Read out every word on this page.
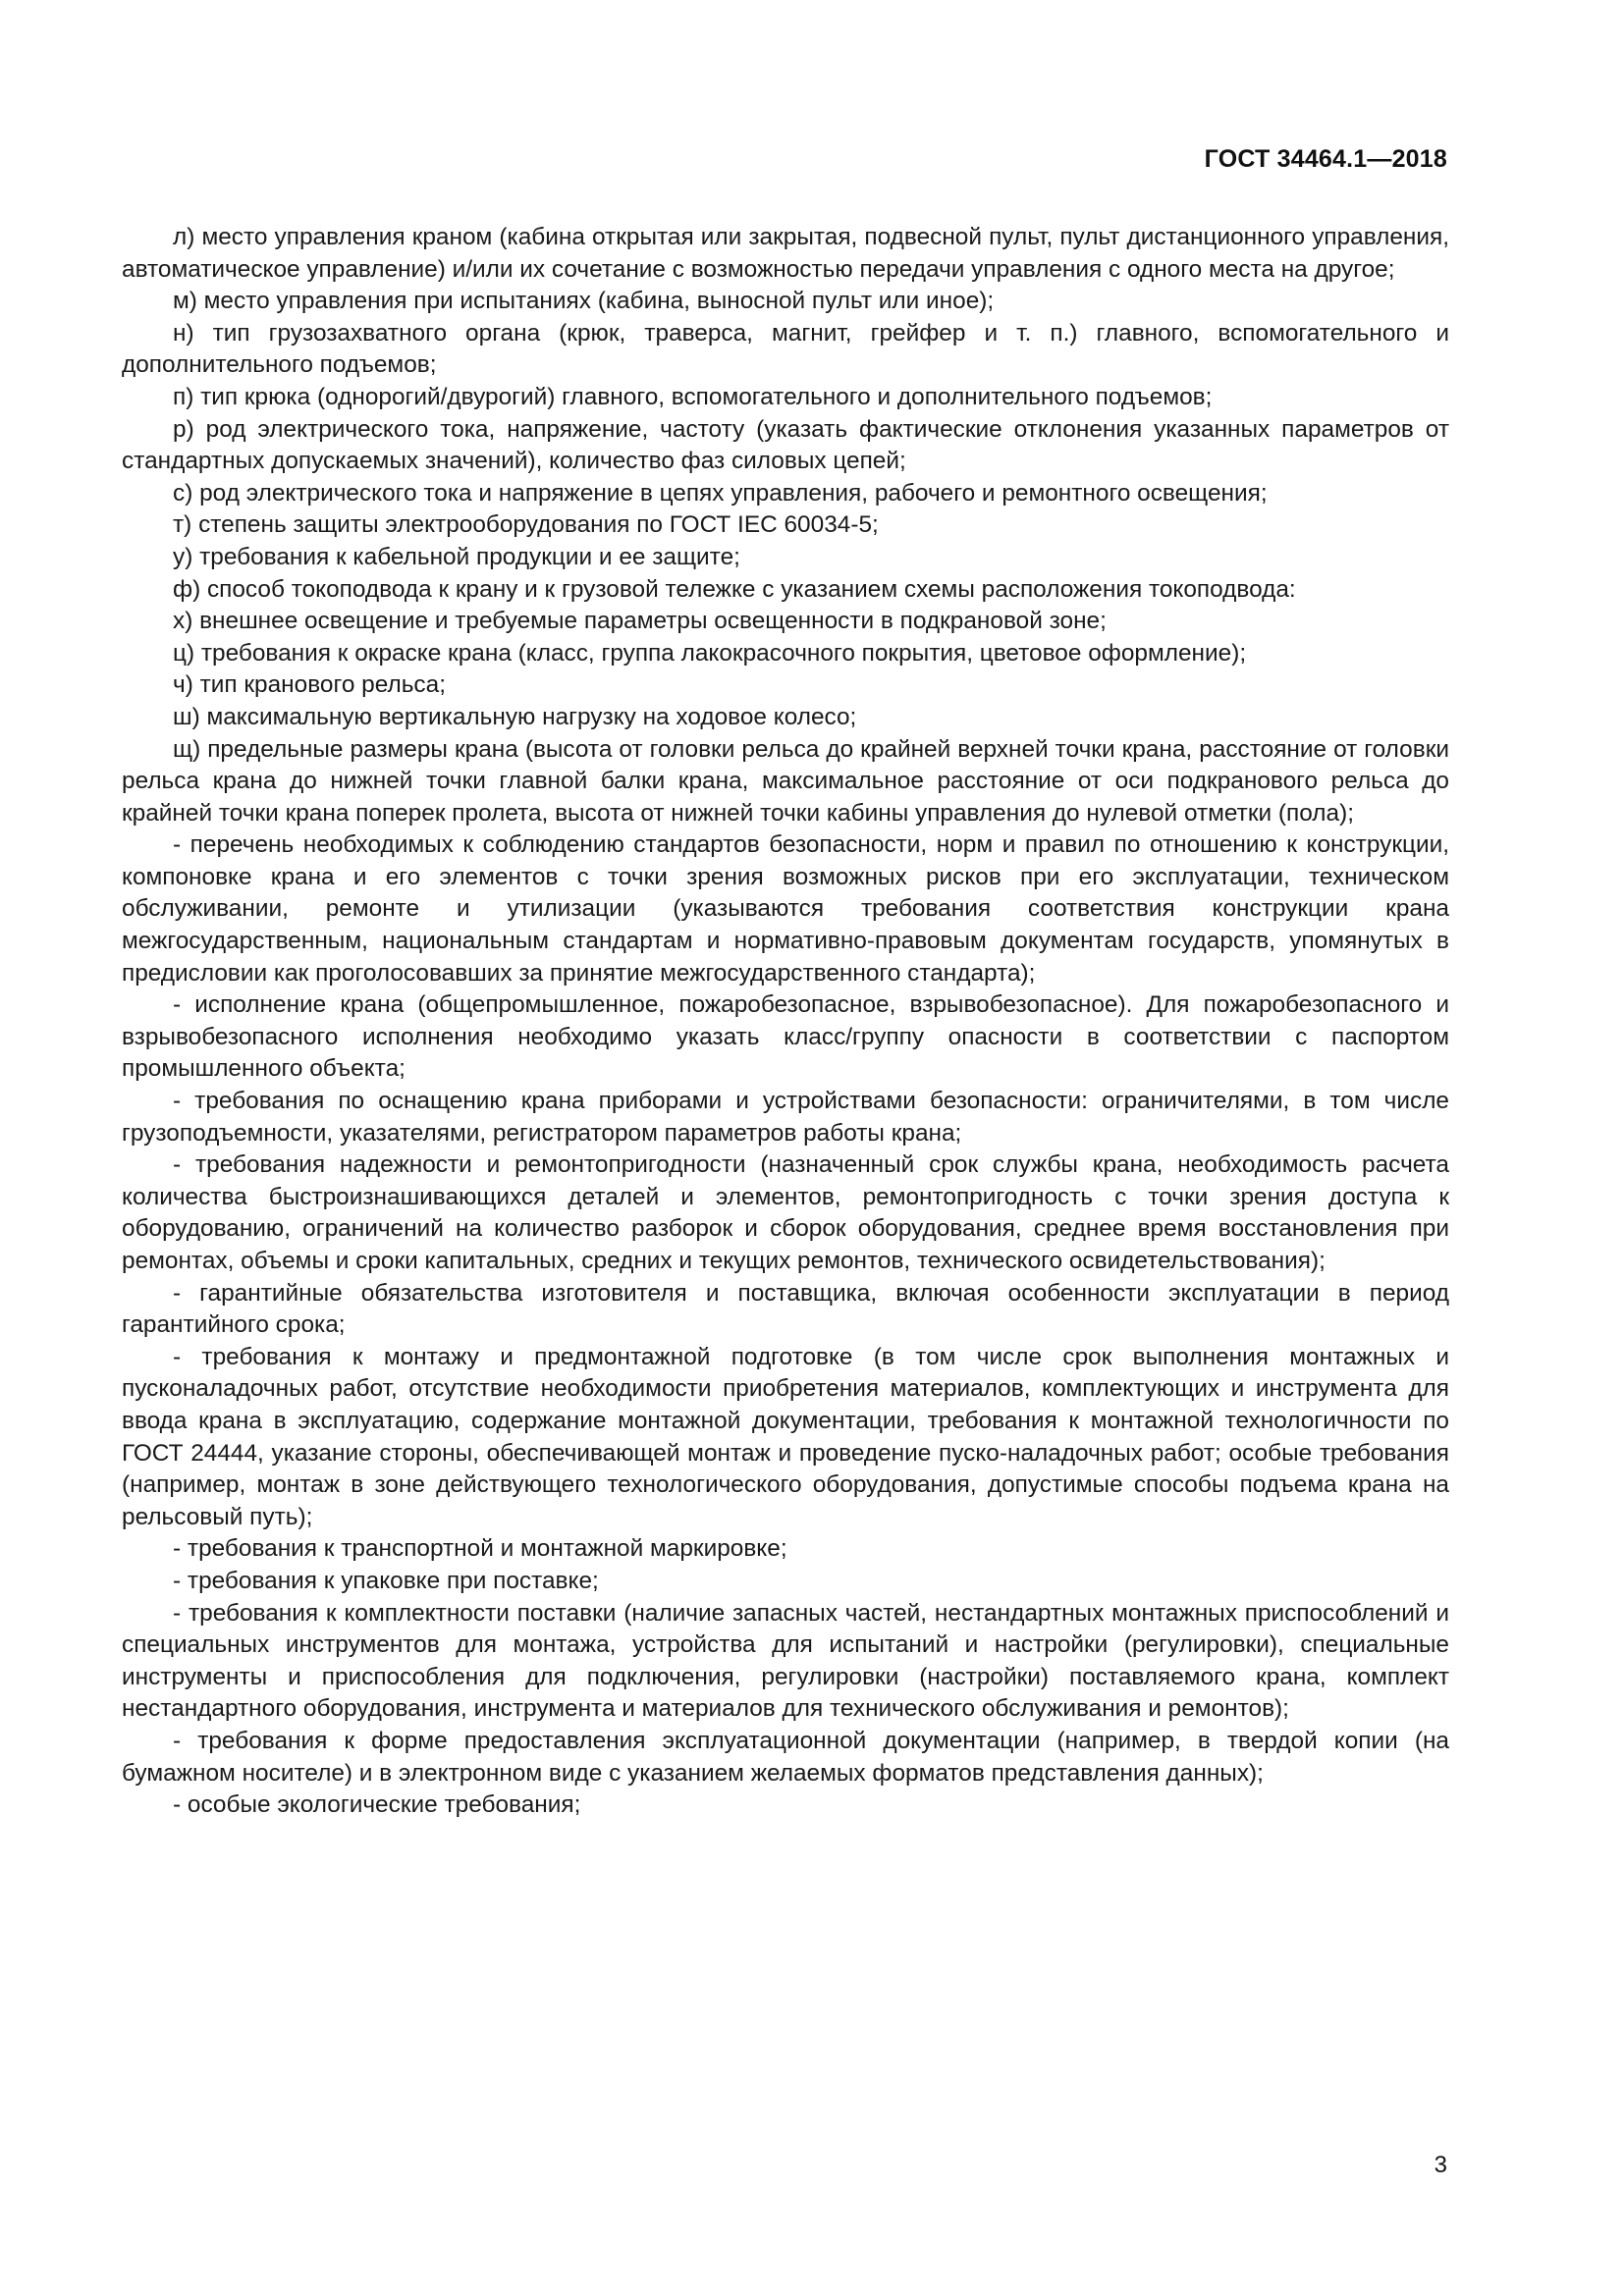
ГОСТ 34464.1—2018

л) место управления краном (кабина открытая или закрытая, подвесной пульт, пульт дистанционного управления, автоматическое управление) и/или их сочетание с возможностью передачи управления с одного места на другое;

м) место управления при испытаниях (кабина, выносной пульт или иное);

н) тип грузозахватного органа (крюк, траверса, магнит, грейфер и т. п.) главного, вспомогательного и дополнительного подъемов;

п) тип крюка (однорогий/двурогий) главного, вспомогательного и дополнительного подъемов;

р) род электрического тока, напряжение, частоту (указать фактические отклонения указанных параметров от стандартных допускаемых значений), количество фаз силовых цепей;

с) род электрического тока и напряжение в цепях управления, рабочего и ремонтного освещения;

т) степень защиты электрооборудования по ГОСТ IEC 60034-5;

у) требования к кабельной продукции и ее защите;

ф) способ токоподвода к крану и к грузовой тележке с указанием схемы расположения токоподвода:

х) внешнее освещение и требуемые параметры освещенности в подкрановой зоне;

ц) требования к окраске крана (класс, группа лакокрасочного покрытия, цветовое оформление);

ч) тип кранового рельса;

ш) максимальную вертикальную нагрузку на ходовое колесо;

щ) предельные размеры крана (высота от головки рельса до крайней верхней точки крана, расстояние от головки рельса крана до нижней точки главной балки крана, максимальное расстояние от оси подкранового рельса до крайней точки крана поперек пролета, высота от нижней точки кабины управления до нулевой отметки (пола);

- перечень необходимых к соблюдению стандартов безопасности, норм и правил по отношению к конструкции, компоновке крана и его элементов с точки зрения возможных рисков при его эксплуатации, техническом обслуживании, ремонте и утилизации (указываются требования соответствия конструкции крана межгосударственным, национальным стандартам и нормативно-правовым документам государств, упомянутых в предисловии как проголосовавших за принятие межгосударственного стандарта);

- исполнение крана (общепромышленное, пожаробезопасное, взрывобезопасное). Для пожаробезопасного и взрывобезопасного исполнения необходимо указать класс/группу опасности в соответствии с паспортом промышленного объекта;

- требования по оснащению крана приборами и устройствами безопасности: ограничителями, в том числе грузоподъемности, указателями, регистратором параметров работы крана;

- требования надежности и ремонтопригодности (назначенный срок службы крана, необходимость расчета количества быстроизнашивающихся деталей и элементов, ремонтопригодность с точки зрения доступа к оборудованию, ограничений на количество разборок и сборок оборудования, среднее время восстановления при ремонтах, объемы и сроки капитальных, средних и текущих ремонтов, технического освидетельствования);

- гарантийные обязательства изготовителя и поставщика, включая особенности эксплуатации в период гарантийного срока;

- требования к монтажу и предмонтажной подготовке (в том числе срок выполнения монтажных и пусконаладочных работ, отсутствие необходимости приобретения материалов, комплектующих и инструмента для ввода крана в эксплуатацию, содержание монтажной документации, требования к монтажной технологичности по ГОСТ 24444, указание стороны, обеспечивающей монтаж и проведение пуско-наладочных работ; особые требования (например, монтаж в зоне действующего технологического оборудования, допустимые способы подъема крана на рельсовый путь);

- требования к транспортной и монтажной маркировке;

- требования к упаковке при поставке;

- требования к комплектности поставки (наличие запасных частей, нестандартных монтажных приспособлений и специальных инструментов для монтажа, устройства для испытаний и настройки (регулировки), специальные инструменты и приспособления для подключения, регулировки (настройки) поставляемого крана, комплект нестандартного оборудования, инструмента и материалов для технического обслуживания и ремонтов);

- требования к форме предоставления эксплуатационной документации (например, в твердой копии (на бумажном носителе) и в электронном виде с указанием желаемых форматов представления данных);

- особые экологические требования;

3
